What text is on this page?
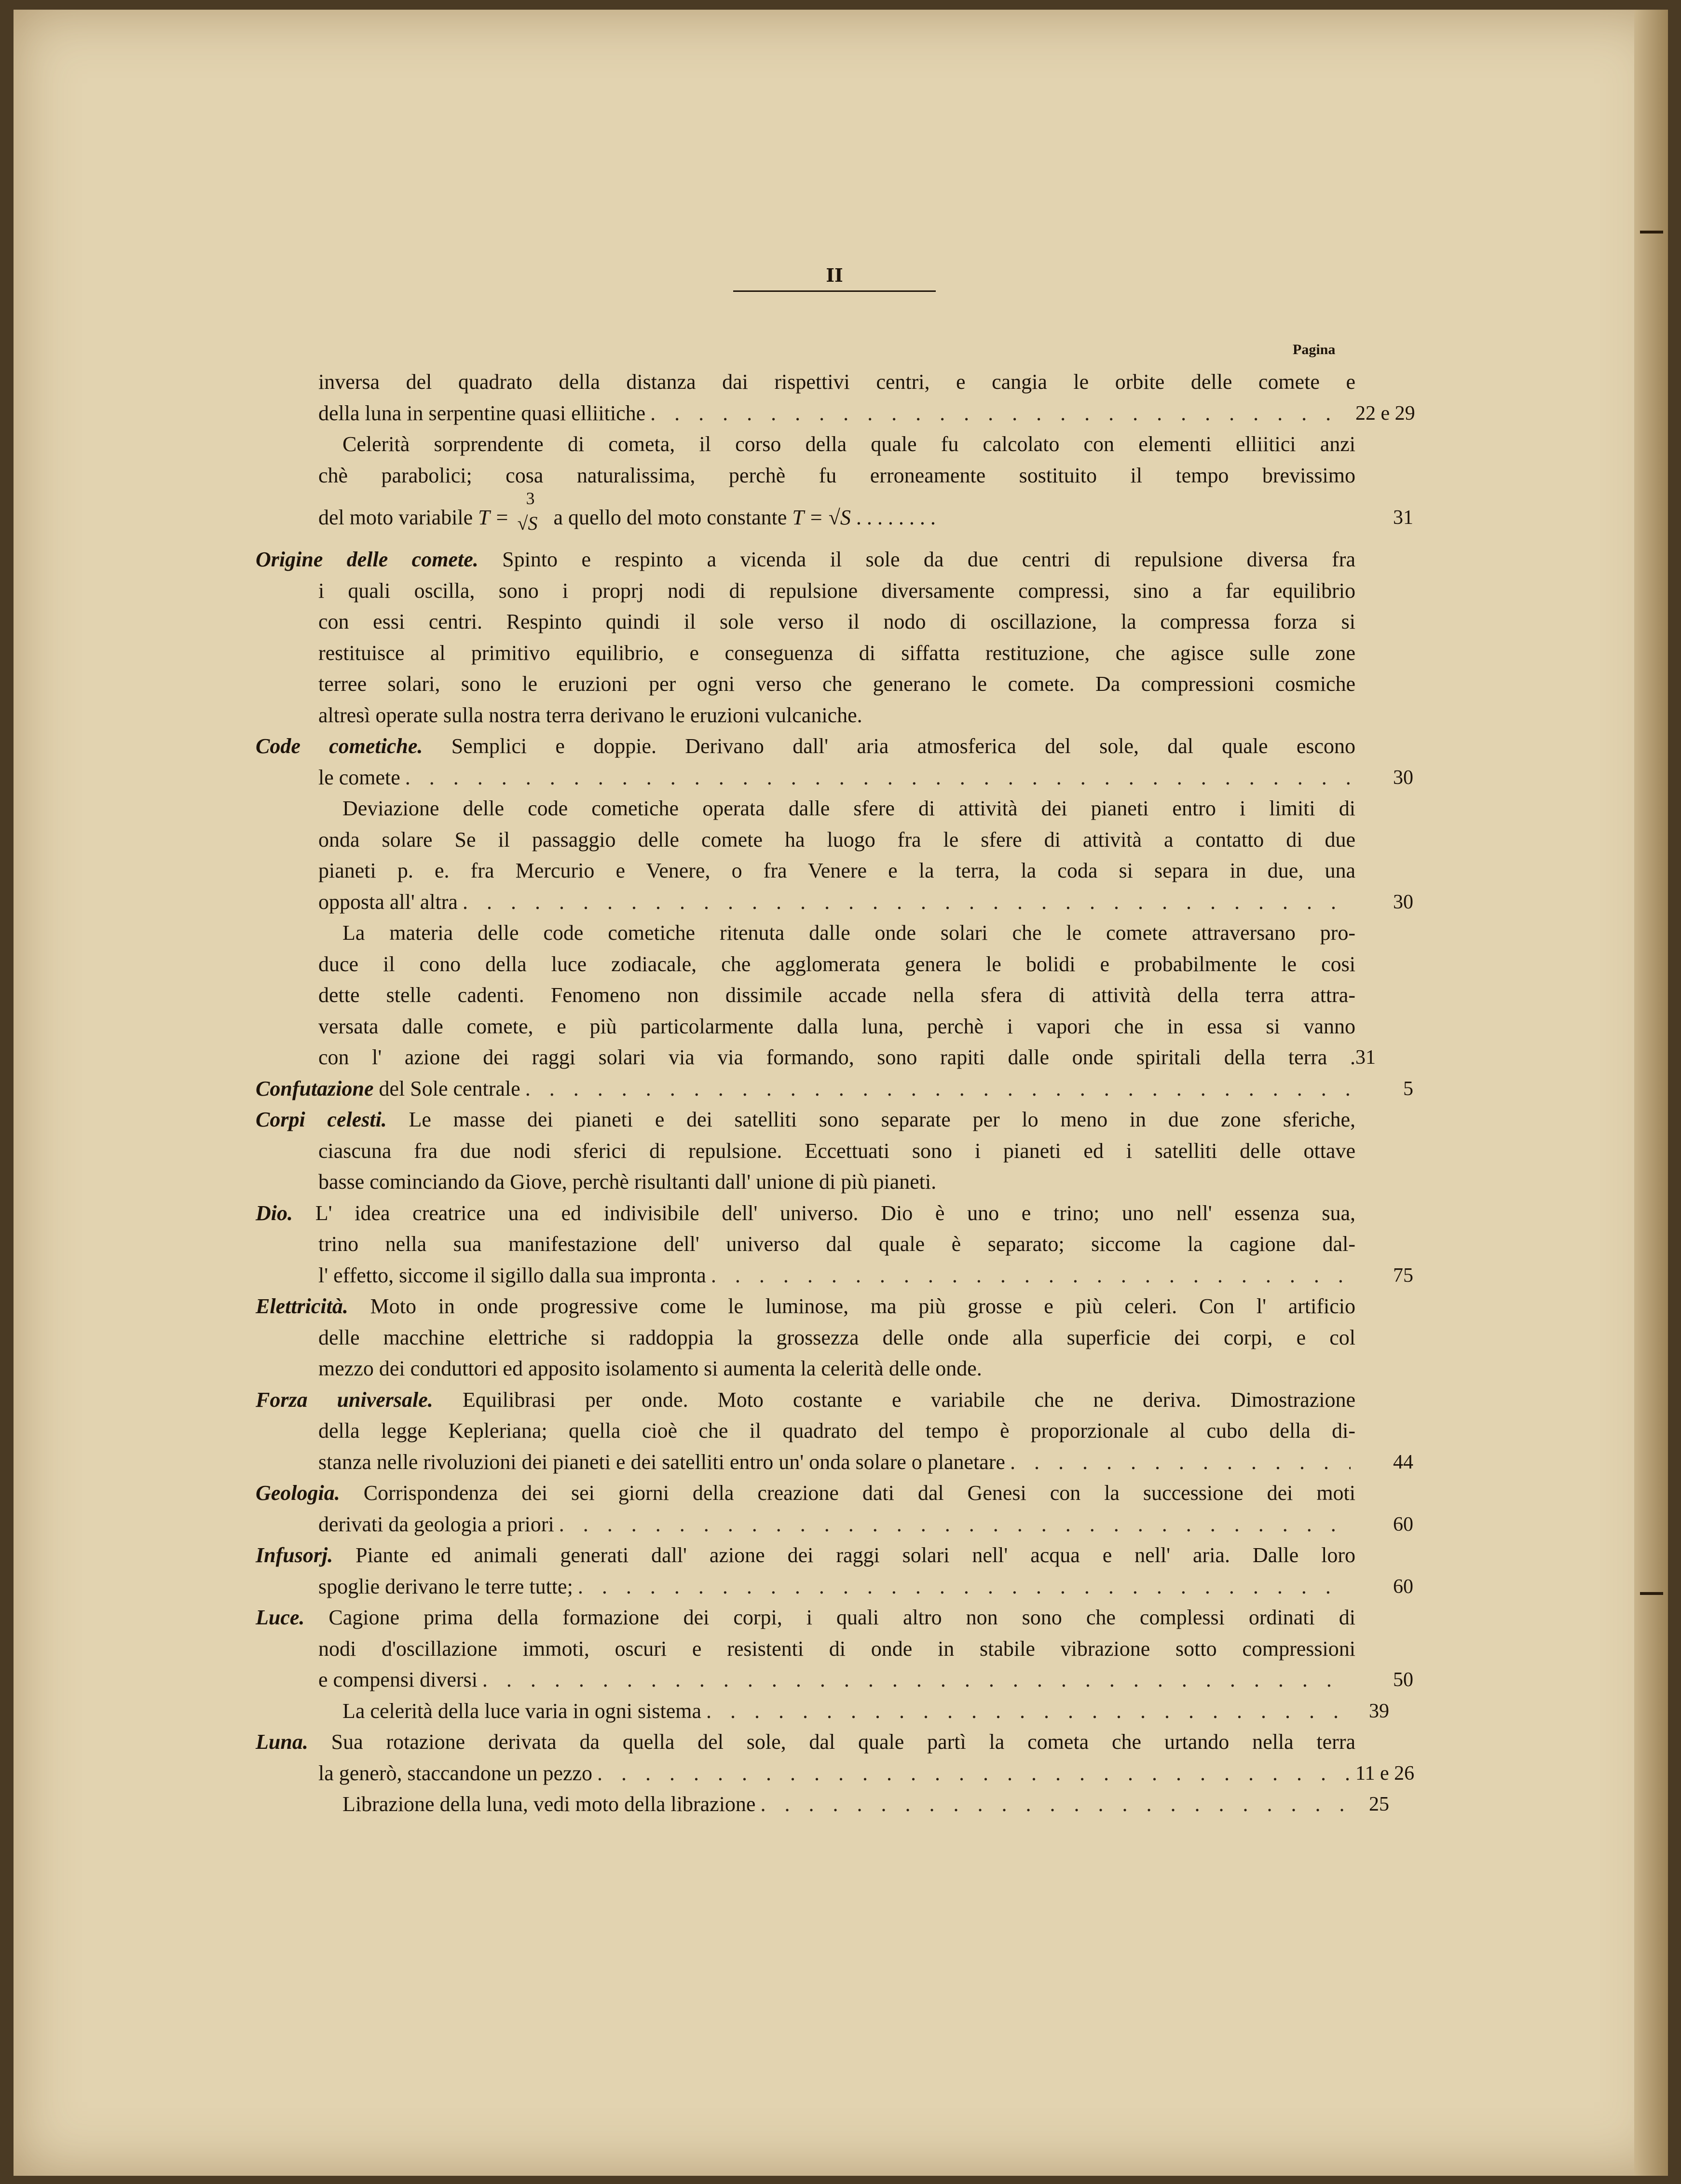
II
Pagina
inversa del quadrato della distanza dai rispettivi centri, e cangia le orbite delle comete e
della luna in serpentine quasi elliitiche . . .	22 e 29
Celerità sorprendente di cometa, il corso della quale fu calcolato con elementi elliitici anzi
chè parabolici; cosa naturalissima, perchè fu erroneamente sostituito il tempo brevissimo
del moto variabile T =
3
√S a quello del moto constante T = √S . . . . . . . .	31
Origine delle comete. Spinto e respinto a vicenda il sole da due centri di repulsione diversa fra
i quali oscilla, sono i proprj nodi di repulsione diversamente compressi, sino a far equilibrio
con essi centri. Respinto quindi il sole verso il nodo di oscillazione, la compressa forza si
restituisce al primitivo equilibrio, e conseguenza di siffatta restituzione, che agisce sulle zone
terree solari, sono le eruzioni per ogni verso che generano le comete. Da compressioni cosmiche
altresì operate sulla nostra terra derivano le eruzioni vulcaniche.
Code cometiche. Semplici e doppie. Derivano dall' aria atmosferica del sole, dal quale escono
le comete . . .	30
Deviazione delle code cometiche operata dalle sfere di attività dei pianeti entro i limiti di
onda solare Se il passaggio delle comete ha luogo fra le sfere di attività a contatto di due
pianeti p. e. fra Mercurio e Venere, o fra Venere e la terra, la coda si separa in due, una
opposta all' altra . . .	30
La materia delle code cometiche ritenuta dalle onde solari che le comete attraversano pro-
duce il cono della luce zodiacale, che agglomerata genera le bolidi e probabilmente le cosi
dette stelle cadenti. Fenomeno non dissimile accade nella sfera di attività della terra attra-
versata dalle comete, e più particolarmente dalla luna, perchè i vapori che in essa si vanno
con l' azione dei raggi solari via via formando, sono rapiti dalle onde spiritali della terra . 31
Confutazione del Sole centrale . . .	5
Corpi celesti. Le masse dei pianeti e dei satelliti sono separate per lo meno in due zone sferiche,
ciascuna fra due nodi sferici di repulsione. Eccettuati sono i pianeti ed i satelliti delle ottave
basse cominciando da Giove, perchè risultanti dall' unione di più pianeti.
Dio. L' idea creatrice una ed indivisibile dell' universo. Dio è uno e trino; uno nell' essenza sua,
trino nella sua manifestazione dell' universo dal quale è separato; siccome la cagione dal-
l' effetto, siccome il sigillo dalla sua impronta . . .	75
Elettricità. Moto in onde progressive come le luminose, ma più grosse e più celeri. Con l' artificio
delle macchine elettriche si raddoppia la grossezza delle onde alla superficie dei corpi, e col
mezzo dei conduttori ed apposito isolamento si aumenta la celerità delle onde.
Forza universale. Equilibrasi per onde. Moto costante e variabile che ne deriva. Dimostrazione
della legge Kepleriana; quella cioè che il quadrato del tempo è proporzionale al cubo della di-
stanza nelle rivoluzioni dei pianeti e dei satelliti entro un' onda solare o planetare . . .	44
Geologia. Corrispondenza dei sei giorni della creazione dati dal Genesi con la successione dei moti
derivati da geologia a priori . . .	60
Infusorj. Piante ed animali generati dall' azione dei raggi solari nell' acqua e nell' aria. Dalle loro
spoglie derivano le terre tutte; . . .	60
Luce. Cagione prima della formazione dei corpi, i quali altro non sono che complessi ordinati di
nodi d'oscillazione immoti, oscuri e resistenti di onde in stabile vibrazione sotto compressioni
e compensi diversi . . .	50
La celerità della luce varia in ogni sistema . . .	39
Luna. Sua rotazione derivata da quella del sole, dal quale partì la cometa che urtando nella terra
la generò, staccandone un pezzo . . .	11 e 26
Librazione della luna, vedi moto della librazione . . .	25
